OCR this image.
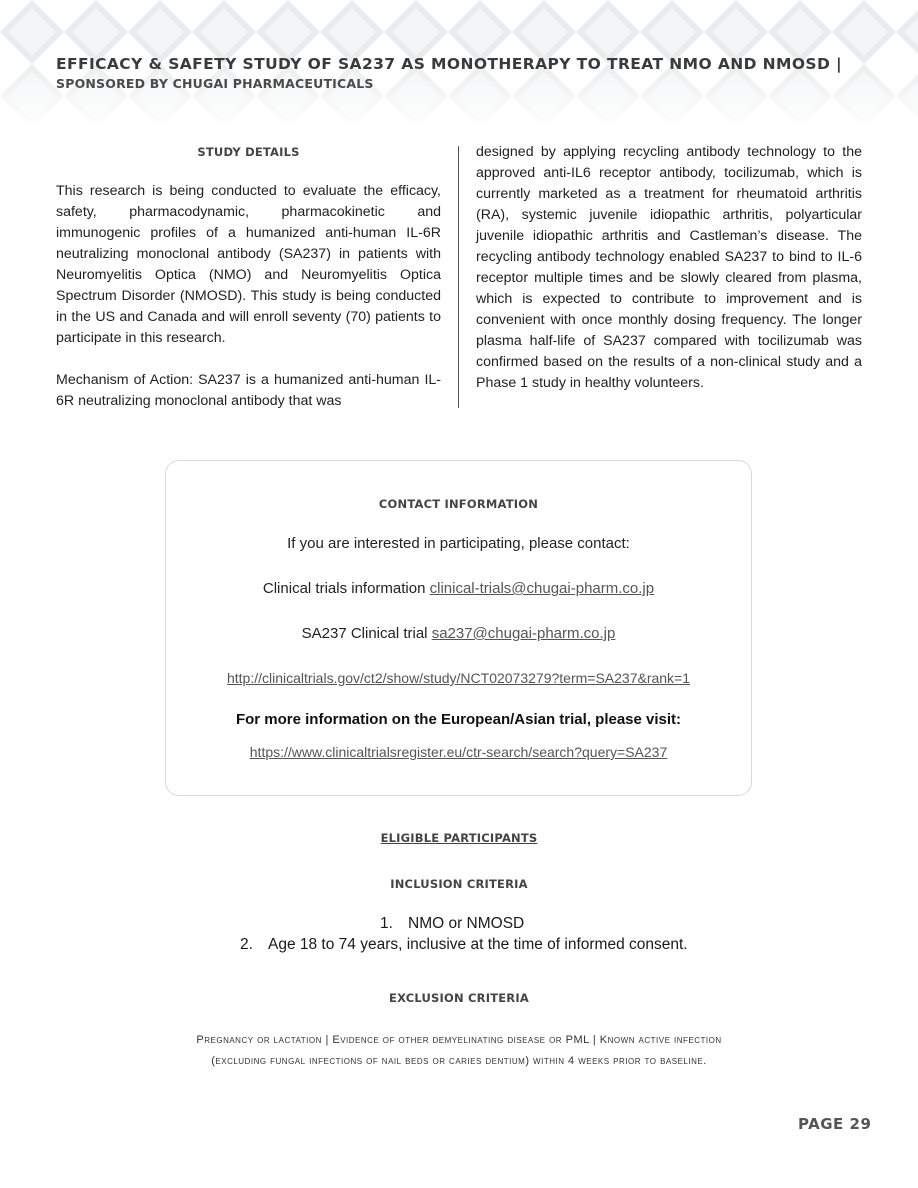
EFFICACY & SAFETY STUDY OF SA237 AS MONOTHERAPY TO TREAT NMO AND NMOSD |
SPONSORED BY CHUGAI PHARMACEUTICALS
STUDY DETAILS

This research is being conducted to evaluate the efficacy, safety, pharmacodynamic, pharmacokinetic and immunogenic profiles of a humanized anti-human IL-6R neutralizing monoclonal antibody (SA237) in patients with Neuromyelitis Optica (NMO) and Neuromyelitis Optica Spectrum Disorder (NMOSD). This study is being conducted in the US and Canada and will enroll seventy (70) patients to participate in this research.

Mechanism of Action: SA237 is a humanized anti-human IL-6R neutralizing monoclonal antibody that was

designed by applying recycling antibody technology to the approved anti-IL6 receptor antibody, tocilizumab, which is currently marketed as a treatment for rheumatoid arthritis (RA), systemic juvenile idiopathic arthritis, polyarticular juvenile idiopathic arthritis and Castleman’s disease. The recycling antibody technology enabled SA237 to bind to IL-6 receptor multiple times and be slowly cleared from plasma, which is expected to contribute to improvement and is convenient with once monthly dosing frequency. The longer plasma half-life of SA237 compared with tocilizumab was confirmed based on the results of a non-clinical study and a Phase 1 study in healthy volunteers.

CONTACT INFORMATION
If you are interested in participating, please contact:
Clinical trials information clinical-trials@chugai-pharm.co.jp
SA237 Clinical trial sa237@chugai-pharm.co.jp
http://clinicaltrials.gov/ct2/show/study/NCT02073279?term=SA237&rank=1
For more information on the European/Asian trial, please visit:
https://www.clinicaltrialsregister.eu/ctr-search/search?query=SA237
ELIGIBLE PARTICIPANTS
INCLUSION CRITERIA
1. NMO or NMOSD
2. Age 18 to 74 years, inclusive at the time of informed consent.
EXCLUSION CRITERIA
Pregnancy or lactation | Evidence of other demyelinating disease or PML | Known active infection
(excluding fungal infections of nail beds or caries dentium) within 4 weeks prior to baseline.
PAGE 29
